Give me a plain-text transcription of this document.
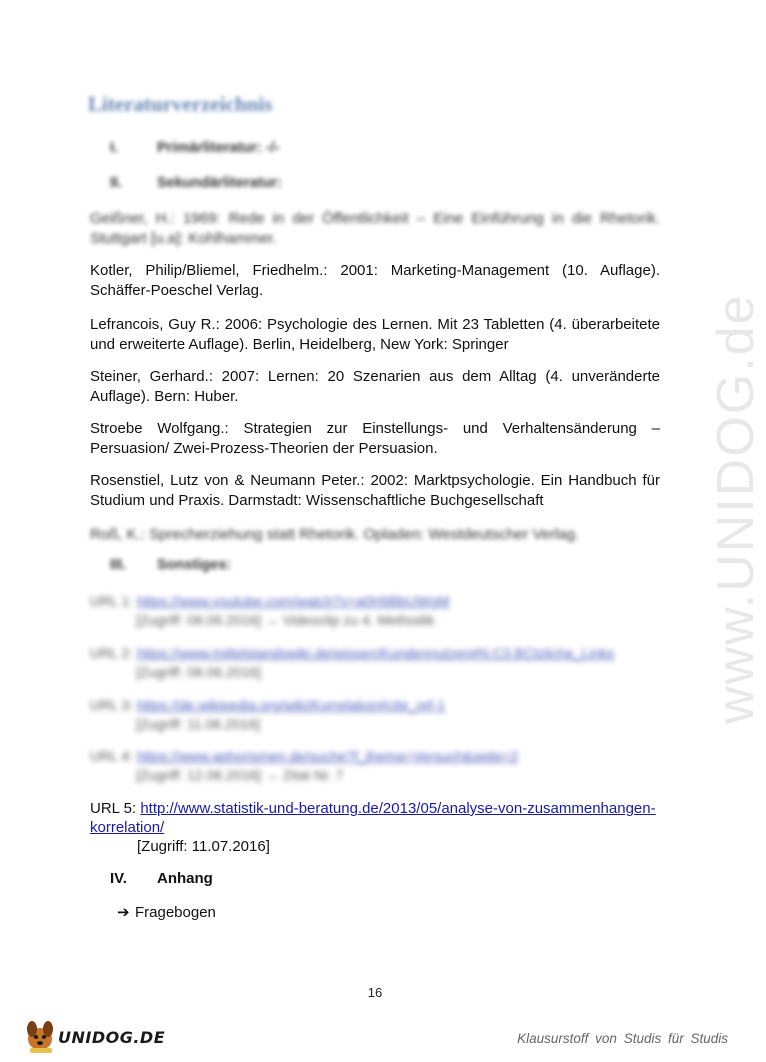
www.UNIDOG.de
Literaturverzeichnis
I.	Primärliteratur: -/-
II. Sekundärliteratur:
Geißner, H.: 1969: Rede in der Öffentlichkeit – Eine Einführung in die Rhetorik. Stuttgart [u.a]: Kohlhammer.
Kotler, Philip/Bliemel, Friedhelm.: 2001: Marketing-Management (10. Auflage). Schäffer-Poeschel Verlag.
Lefrancois, Guy R.: 2006: Psychologie des Lernen. Mit 23 Tabletten (4. überarbeitete und erweiterte Auflage). Berlin, Heidelberg, New York: Springer
Steiner, Gerhard.: 2007: Lernen: 20 Szenarien aus dem Alltag (4. unveränderte Auflage). Bern: Huber.
Stroebe Wolfgang.: Strategien zur Einstellungs- und Verhaltensänderung – Persuasion/ Zwei-Prozess-Theorien der Persuasion.
Rosenstiel, Lutz von & Neumann Peter.: 2002: Marktpsychologie. Ein Handbuch für Studium und Praxis. Darmstadt: Wissenschaftliche Buchgesellschaft
Roß, K.: Sprecherziehung statt Rhetorik. Opladen: Westdeutscher Verlag.
III. Sonstiges:
URL 1: https://www.youtube.com/watch?v=a0H9BbUWgM
[Zugriff: 08.06.2016] → Videoclip zu 4. Methodik
URL 2: https://www.mittelstandswiki.de/wissen/Kundennutzen#N.C3.BCtzliche_Links
[Zugriff: 08.06.2016]
URL 3: https://de.wikipedia.org/wiki/Korrelation#cite_ref-1
[Zugriff: 11.06.2016]
URL 4: https://www.aphorismen.de/suche?f_thema=Versuch&seite=2
[Zugriff: 12.06.2016] → Zitat Nr. 7
URL 5: http://www.statistik-und-beratung.de/2013/05/analyse-von-zusammenhangen-korrelation/
[Zugriff: 11.07.2016]
IV. Anhang
➔ Fragebogen
16
UNIDOG.DE	Klausurstoff von Studis für Studis
